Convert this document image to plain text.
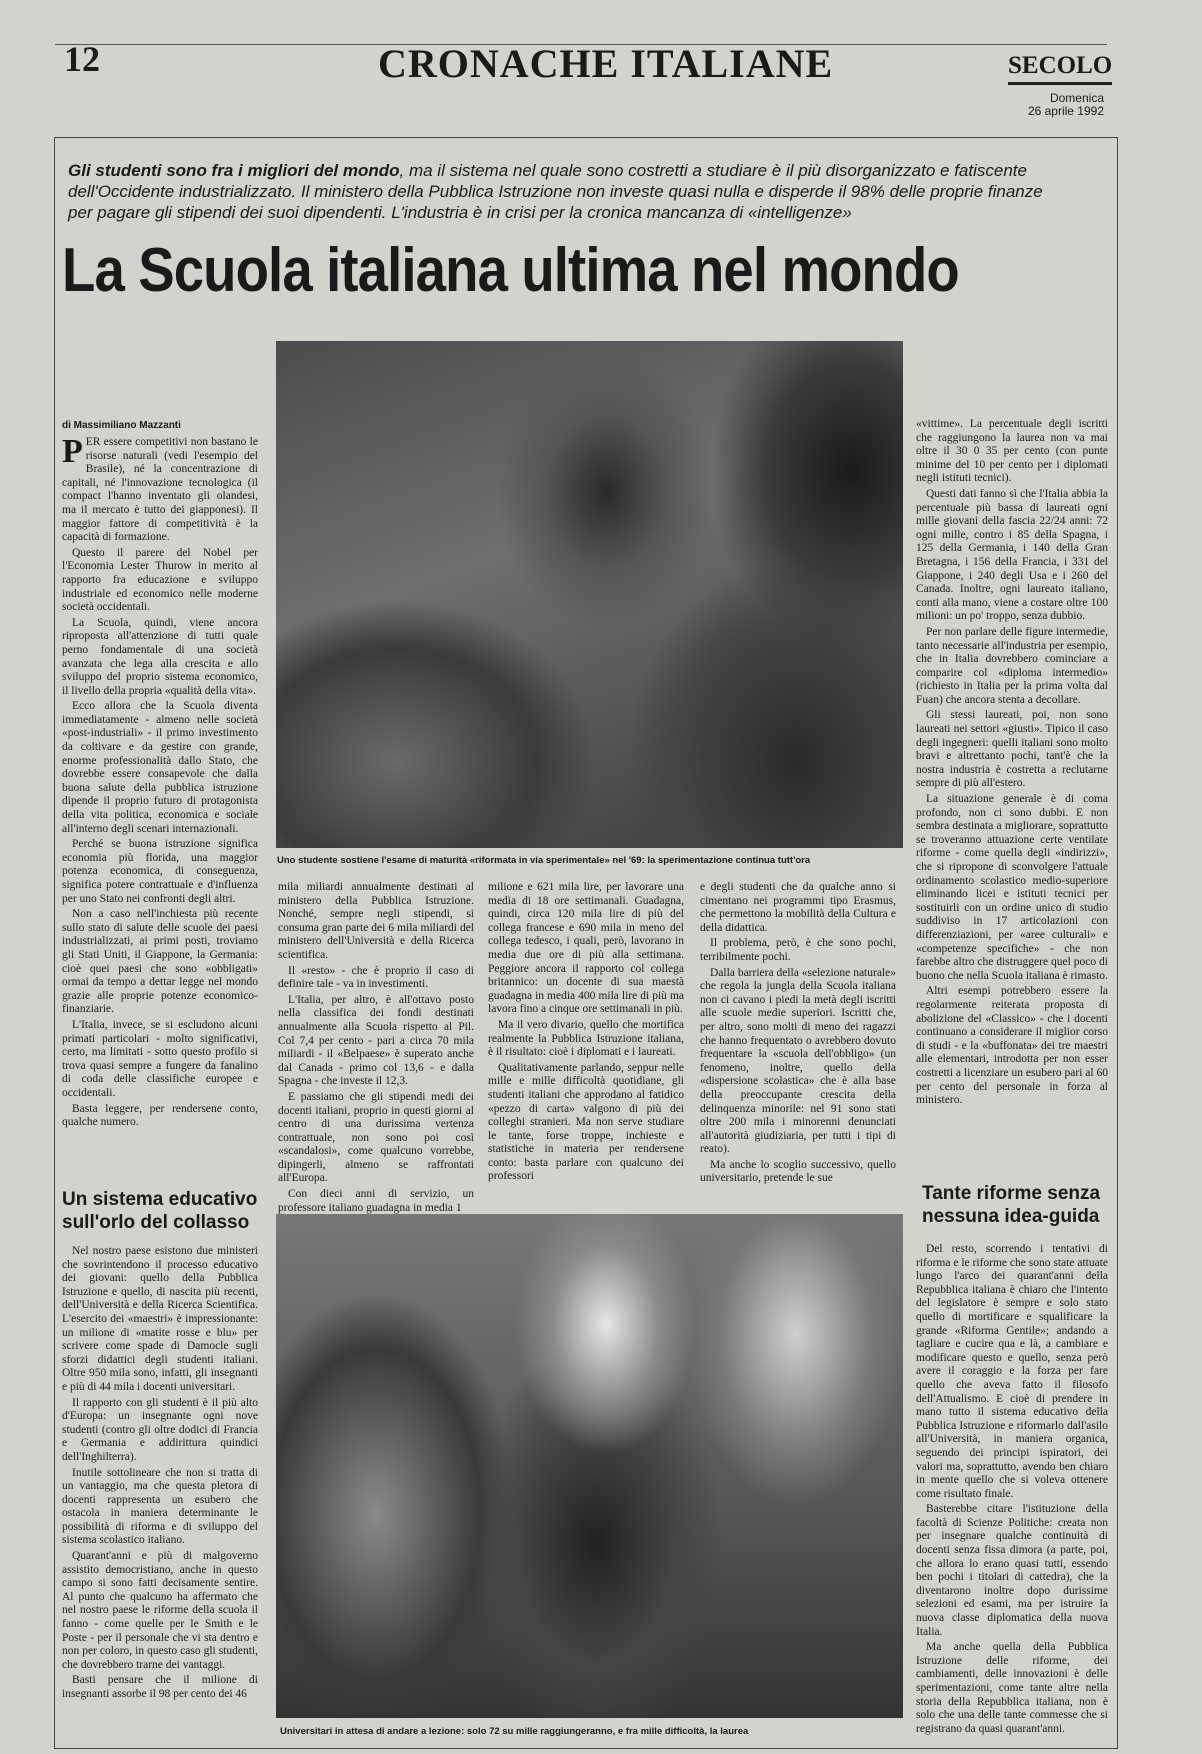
12	CRONACHE ITALIANE	SECOLO
Domenica
26 aprile 1992
Gli studenti sono fra i migliori del mondo, ma il sistema nel quale sono costretti a studiare è il più disorganizzato e fatiscente dell'Occidente industrializzato. Il ministero della Pubblica Istruzione non investe quasi nulla e disperde il 98% delle proprie finanze per pagare gli stipendi dei suoi dipendenti. L'industria è in crisi per la cronica mancanza di «intelligenze»
La Scuola italiana ultima nel mondo
Uno studente sostiene l'esame di maturità «riformata in via sperimentale» nel '69: la sperimentazione continua tutt'ora
Universitari in attesa di andare a lezione: solo 72 su mille raggiungeranno, e fra mille difficoltà, la laurea
di Massimiliano Mazzanti

PER essere competitivi non bastano le risorse naturali (vedi l'esempio del Brasile), né la concentrazione di capitali, né l'innovazione tecnologica (il compact l'hanno inventato gli olandesi, ma il mercato è tutto dei giapponesi). Il maggior fattore di competitività è la capacità di formazione.

Questo il parere del Nobel per l'Economia Lester Thurow in merito al rapporto fra educazione e sviluppo industriale ed economico nelle moderne società occidentali.

La Scuola, quindi, viene ancora riproposta all'attenzione di tutti quale perno fondamentale di una società avanzata che lega alla crescita e allo sviluppo del proprio sistema economico, il livello della propria «qualità della vita».

Ecco allora che la Scuola diventa immediatamente - almeno nelle società «post-industriali» - il primo investimento da coltivare e da gestire con grande, enorme professionalità dallo Stato, che dovrebbe essere consapevole che dalla buona salute della pubblica istruzione dipende il proprio futuro di protagonista della vita politica, economica e sociale all'interno degli scenari internazionali.

Perché se buona istruzione significa economia più florida, una maggior potenza economica, di conseguenza, significa potere contrattuale e d'influenza per uno Stato nei confronti degli altri.

Non a caso nell'inchiesta più recente sullo stato di salute delle scuole dei paesi industrializzati, ai primi posti, troviamo gli Stati Uniti, il Giappone, la Germania: cioè quei paesi che sono «obbligati» ormai da tempo a dettar legge nel mondo grazie alle proprie potenze economico-finanziarie.

L'Italia, invece, se si escludono alcuni primati particolari - molto significativi, certo, ma limitati - sotto questo profilo si trova quasi sempre a fungere da fanalino di coda delle classifiche europee e occidentali.

Basta leggere, per rendersene conto, qualche numero.

Un sistema educativo
sull'orlo del collasso

Nel nostro paese esistono due ministeri che sovrintendono il processo educativo dei giovani: quello della Pubblica Istruzione e quello, di nascita più recenti, dell'Università e della Ricerca Scientifica. L'esercito dei «maestri» è impressionante: un milione di «matite rosse e blu» per scrivere come spade di Damocle sugli sforzi didattici degli studenti italiani. Oltre 950 mila sono, infatti, gli insegnanti e più di 44 mila i docenti universitari.

Il rapporto con gli studenti è il più alto d'Europa: un insegnante ogni nove studenti (contro gli oltre dodici di Francia e Germania e addirittura quindici dell'Inghilterra).

Inutile sottolineare che non si tratta di un vantaggio, ma che questa pletora di docenti rappresenta un esubero che ostacola in maniera determinante le possibilità di riforma e di sviluppo del sistema scolastico italiano.

Quarant'anni e più di malgoverno assistito democristiano, anche in questo campo si sono fatti decisamente sentire. Al punto che qualcuno ha affermato che nel nostro paese le riforme della scuola il fanno - come quelle per le Smith e le Poste - per il personale che vi sta dentro e non per coloro, in questo caso gli studenti, che dovrebbero trarne dei vantaggi.

Basti pensare che il milione di insegnanti assorbe il 98 per cento dei 46

mila miliardi annualmente destinati al ministero della Pubblica Istruzione. Nonché, sempre negli stipendi, si consuma gran parte dei 6 mila miliardi del ministero dell'Università e della Ricerca scientifica.

Il «resto» - che è proprio il caso di definire tale - va in investimenti.

L'Italia, per altro, è all'ottavo posto nella classifica dei fondi destinati annualmente alla Scuola rispetto al Pil. Col 7,4 per cento - pari a circa 70 mila miliardi - il «Belpaese» è superato anche dal Canada - primo col 13,6 - e dalla Spagna - che investe il 12,3.

E passiamo che gli stipendi medi dei docenti italiani, proprio in questi giorni al centro di una durissima vertenza contrattuale, non sono poi così «scandalosi», come qualcuno vorrebbe, dipingerli, almeno se raffrontati all'Europa.

Con dieci anni di servizio, un professore italiano guadagna in media 1

milione e 621 mila lire, per lavorare una media di 18 ore settimanali. Guadagna, quindi, circa 120 mila lire di più del collega francese e 690 mila in meno del collega tedesco, i quali, però, lavorano in media due ore di più alla settimana. Peggiore ancora il rapporto col collega britannico: un docente di sua maestà guadagna in media 400 mila lire di più ma lavora fino a cinque ore settimanali in più.

Ma il vero divario, quello che mortifica realmente la Pubblica Istruzione italiana, è il risultato: cioè i diplomati e i laureati.

Qualitativamente parlando, seppur nelle mille e mille difficoltà quotidiane, gli studenti italiani che approdano al fatidico «pezzo di carta» valgono di più dei colleghi stranieri. Ma non serve studiare le tante, forse troppe, inchieste e statistiche in materia per rendersene conto: basta parlare con qualcuno dei professori

e degli studenti che da qualche anno si cimentano nei programmi tipo Erasmus, che permettono la mobilità della Cultura e della didattica.

Il problema, però, è che sono pochi, terribilmente pochi.

Dalla barriera della «selezione naturale» che regola la jungla della Scuola italiana non ci cavano i piedi la metà degli iscritti alle scuole medie superiori. Iscritti che, per altro, sono molti di meno dei ragazzi che hanno frequentato o avrebbero dovuto frequentare la «scuola dell'obbligo» (un fenomeno, inoltre, quello della «dispersione scolastica» che è alla base della preoccupante crescita della delinquenza minorile: nel 91 sono stati oltre 200 mila i minorenni denunciati all'autorità giudiziaria, per tutti i tipi di reato).

Ma anche lo scoglio successivo, quello universitario, pretende le sue

«vittime». La percentuale degli iscritti che raggiungono la laurea non va mai oltre il 30 0 35 per cento (con punte minime del 10 per cento per i diplomati negli istituti tecnici).

Questi dati fanno sì che l'Italia abbia la percentuale più bassa di laureati ogni mille giovani della fascia 22/24 anni: 72 ogni mille, contro i 85 della Spagna, i 125 della Germania, i 140 della Gran Bretagna, i 156 della Francia, i 331 del Giappone, i 240 degli Usa e i 260 del Canada. Inoltre, ogni laureato italiano, conti alla mano, viene a costare oltre 100 milioni: un po' troppo, senza dubbio.

Per non parlare delle figure intermedie, tanto necessarie all'industria per esempio, che in Italia dovrebbero cominciare a comparire col «diploma intermedio» (richiesto in Italia per la prima volta dal Fuan) che ancora stenta a decollare.

Gli stessi laureati, poi, non sono laureati nei settori «giusti». Tipico il caso degli ingegneri: quelli italiani sono molto bravi e altrettanto pochi, tant'è che la nostra industria è costretta a reclutarne sempre di più all'estero.

La situazione generale è di coma profondo, non ci sono dubbi. E non sembra destinata a migliorare, soprattutto se troveranno attuazione certe ventilate riforme - come quella degli «indirizzi», che si ripropone di sconvolgere l'attuale ordinamento scolastico medio-superiore eliminando licei e istituti tecnici per sostituirli con un ordine unico di studio suddiviso in 17 articolazioni con differenziazioni, per «aree culturali» e «competenze specifiche» - che non farebbe altro che distruggere quel poco di buono che nella Scuola italiana è rimasto.

Altri esempi potrebbero essere la regolarmente reiterata proposta di abolizione del «Classico» - che i docenti continuano a considerare il miglior corso di studi - e la «buffonata» dei tre maestri alle elementari, introdotta per non esser costretti a licenziare un esubero pari al 60 per cento del personale in forza al ministero.

Tante riforme senza
nessuna idea-guida

Del resto, scorrendo i tentativi di riforma e le riforme che sono state attuate lungo l'arco dei quarant'anni della Repubblica italiana è chiaro che l'intento del legislatore è sempre e solo stato quello di mortificare e squalificare la grande «Riforma Gentile»; andando a tagliare e cucire qua e là, a cambiare e modificare questo e quello, senza però avere il coraggio e la forza per fare quello che aveva fatto il filosofo dell'Attualismo. E cioè di prendere in mano tutto il sistema educativo della Pubblica Istruzione e riformarlo dall'asilo all'Università, in maniera organica, seguendo dei principi ispiratori, dei valori ma, soprattutto, avendo ben chiaro in mente quello che si voleva ottenere come risultato finale.

Basterebbe citare l'istituzione della facoltà di Scienze Politiche: creata non per insegnare qualche continuità di docenti senza fissa dimora (a parte, poi, che allora lo erano quasi tutti, essendo ben pochi i titolari di cattedra), che la diventarono inoltre dopo durissime selezioni ed esami, ma per istruire la nuova classe diplomatica della nuova Italia.

Ma anche quella della Pubblica Istruzione delle riforme, dei cambiamenti, delle innovazioni è delle sperimentazioni, come tante altre nella storia della Repubblica italiana, non è solo che una delle tante commesse che si registrano da quasi quarant'anni.
